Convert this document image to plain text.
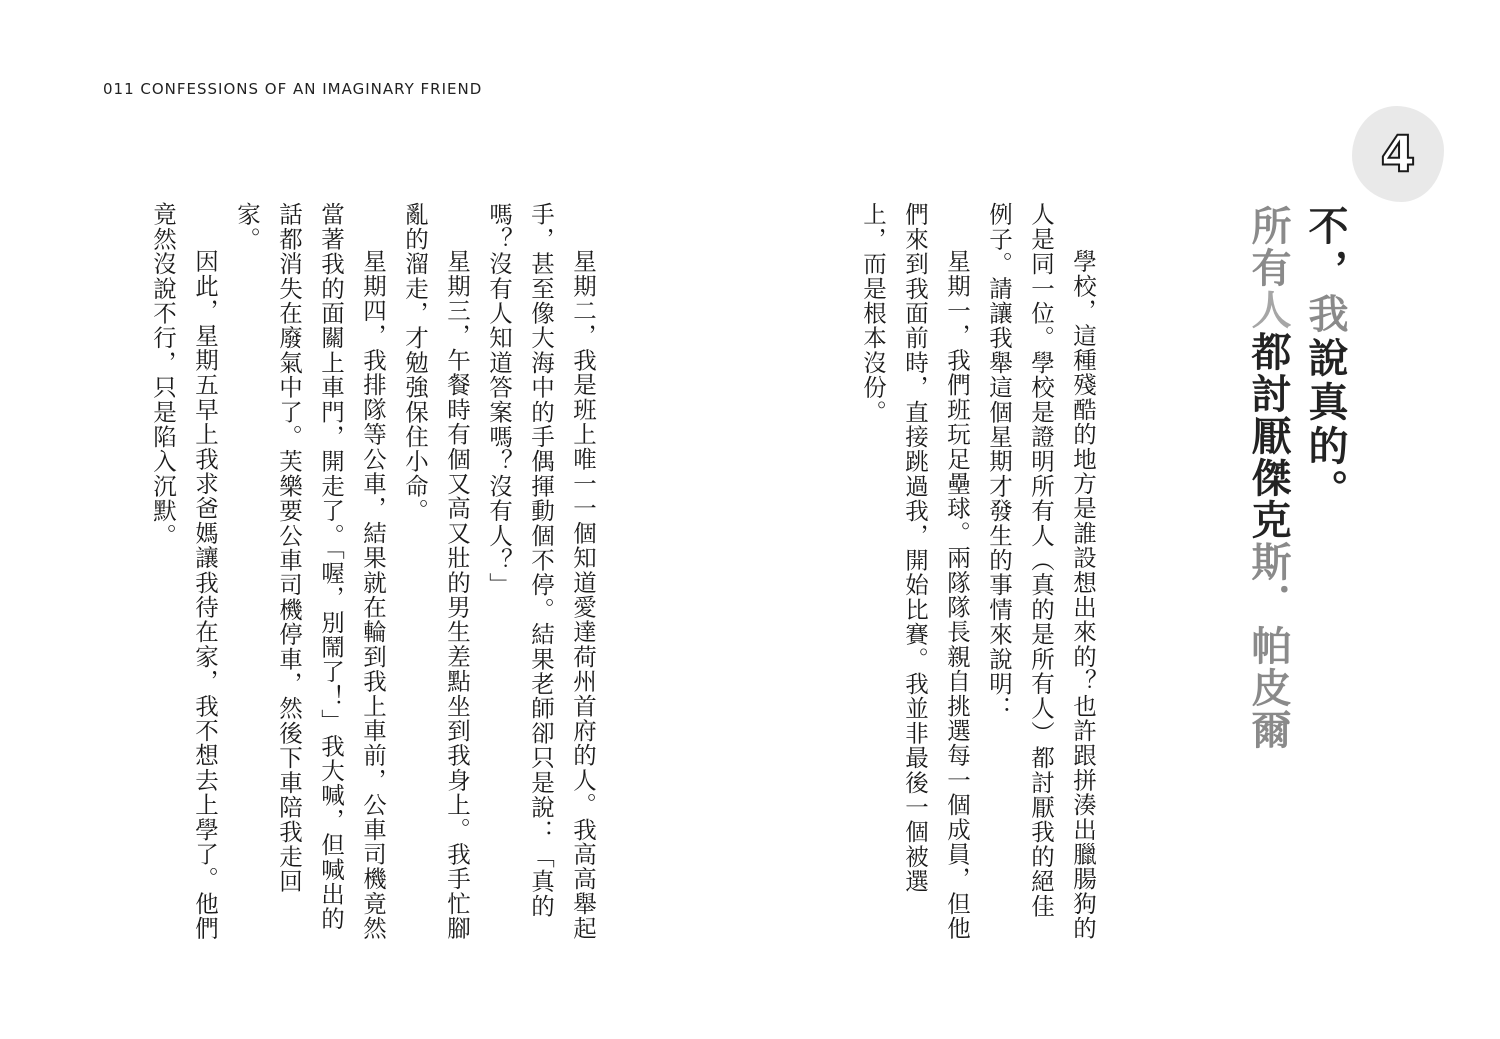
011 CONFESSIONS OF AN IMAGINARY FRIEND
4
不，我說真的。
所有人都討厭傑克斯．帕皮爾

學校，這種殘酷的地方是誰設想出來的？也許跟拼湊出臘腸狗的人是同一位。學校是證明所有人（真的是所有人）都討厭我的絕佳例子。請讓我舉這個星期才發生的事情來說明：

星期一，我們班玩足壘球。兩隊隊長親自挑選每一個成員，但他們來到我面前時，直接跳過我，開始比賽。我並非最後一個被選上，而是根本沒份。

星期二，我是班上唯一一個知道愛達荷州首府的人。我高高舉起手，甚至像大海中的手偶揮動個不停。結果老師卻只是說：「真的嗎？沒有人知道答案嗎？沒有人？」

星期三，午餐時有個又高又壯的男生差點坐到我身上。我手忙腳亂的溜走，才勉強保住小命。

星期四，我排隊等公車，結果就在輪到我上車前，公車司機竟然當著我的面關上車門，開走了。「喔，別鬧了！」我大喊，但喊出的話都消失在廢氣中了。芙樂要公車司機停車，然後下車陪我走回家。

因此，星期五早上我求爸媽讓我待在家，我不想去上學了。他們竟然沒說不行，只是陷入沉默。
